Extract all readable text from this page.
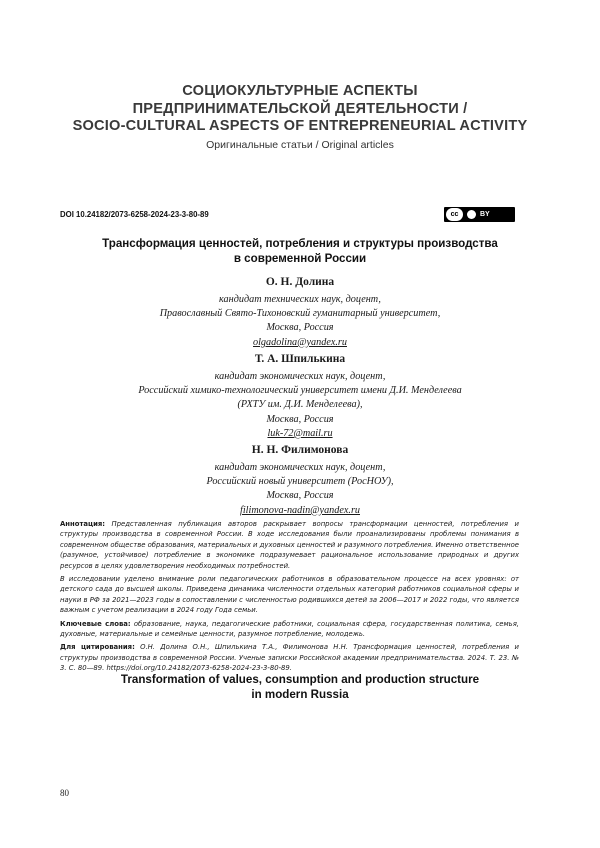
СОЦИОКУЛЬТУРНЫЕ АСПЕКТЫ
ПРЕДПРИНИМАТЕЛЬСКОЙ ДЕЯТЕЛЬНОСТИ /
SOCIO-CULTURAL ASPECTS OF ENTREPRENEURIAL ACTIVITY
Оригинальные статьи / Original articles
DOI 10.24182/2073-6258-2024-23-3-80-89	cc	BY
Трансформация ценностей, потребления и структуры производства
в современной России
О. Н. Долина
кандидат технических наук, доцент,
Православный Свято-Тихоновский гуманитарный университет,
Москва, Россия
olgadolina@yandex.ru
Т. А. Шпилькина
кандидат экономических наук, доцент,
Российский химико-технологический университет имени Д.И. Менделеева
(РХТУ им. Д.И. Менделеева),
Москва, Россия
luk-72@mail.ru
Н. Н. Филимонова
кандидат экономических наук, доцент,
Российский новый университет (РосНОУ),
Москва, Россия
filimonova-nadin@yandex.ru

Аннотация: Представленная публикация авторов раскрывает вопросы трансформации ценностей, потребления и структуры производства в современной России. В ходе исследования были проанализированы проблемы понимания в современном обществе образования, материальных и духовных ценностей и разумного потребления. Именно ответственное (разумное, устойчивое) потребление в экономике подразумевает рациональное использование природных и других ресурсов в целях удовлетворения необходимых потребностей.

В исследовании уделено внимание роли педагогических работников в образовательном процессе на всех уровнях: от детского сада до высшей школы. Приведена динамика численности отдельных категорий работников социальной сферы и науки в РФ за 2021—2023 годы в сопоставлении с численностью родившихся детей за 2006—2017 и 2022 годы, что является важным с учетом реализации в 2024 году Года семьи.

Ключевые слова: образование, наука, педагогические работники, социальная сфера, государственная политика, семья, духовные, материальные и семейные ценности, разумное потребление, молодежь.

Для цитирования: О.Н. Долина О.Н., Шпилькина Т.А., Филимонова Н.Н. Трансформация ценностей, потребления и структуры производства в современной России. Ученые записки Российской академии предпринимательства. 2024. Т. 23. № 3. С. 80—89. https://doi.org/10.24182/2073-6258-2024-23-3-80-89.

Transformation of values, consumption and production structure
in modern Russia
80
